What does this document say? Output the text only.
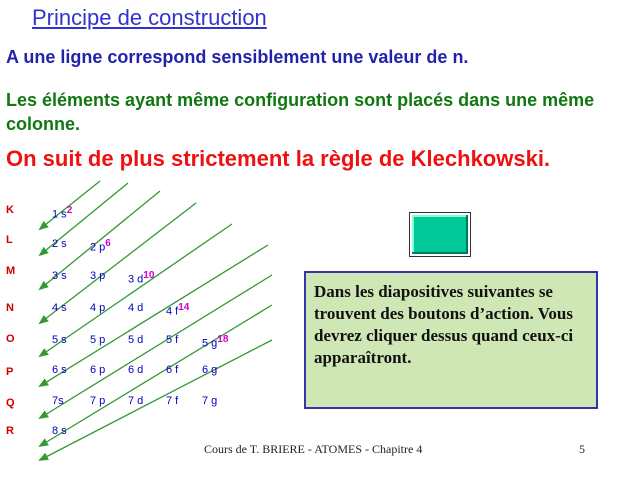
Principe de construction
A une ligne correspond sensiblement une valeur de n.
Les éléments ayant même configuration sont placés dans une même colonne.
On suit de plus strictement la règle de Klechkowski.
K
L
M
N
O
P
Q
R
1 $s^2$
2 s 2 $p^6$
3 s 3 p 3 $d^{10}$
4 s 4 p 4 d 4 $f^{14}$
5 s 5 p 5 d 5 f 5 $g^{18}$
6 s 6 p 6 d 6 f 6 g
7s 7 p 7 d 7 f 7 g
8 s
Dans les diapositives suivantes se trouvent des boutons d’action. Vous devrez cliquer dessus quand ceux-ci apparaîtront.
Cours de T. BRIERE - ATOMES - Chapitre 4	5
